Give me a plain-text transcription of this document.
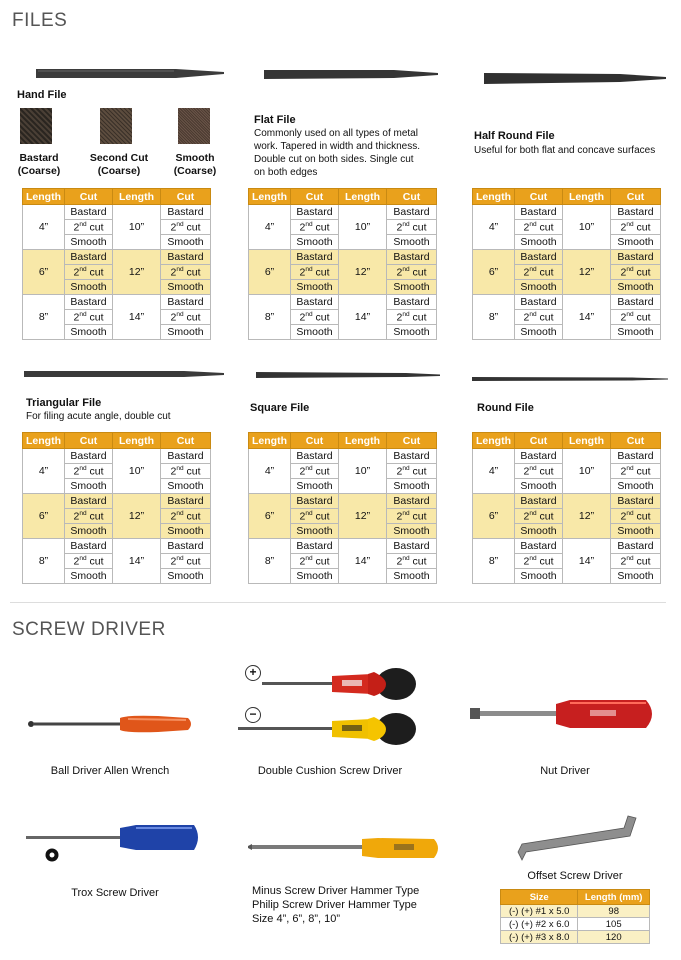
FILES
Hand File
Bastard
(Coarse)
Second Cut
(Coarse)
Smooth
(Coarse)
Flat File
Commonly used on all types of metal
work. Tapered in width and thickness.
Double cut on both sides. Single cut
on both edges
Half Round File
Useful for both flat and concave surfaces
Triangular File
For filing acute angle, double cut
Square File	Round File
SCREW DRIVER
Ball Driver Allen Wrench
+
−
Double Cushion Screw Driver	Nut Driver
Trox Screw Driver	Minus Screw Driver Hammer Type
Philip Screw Driver Hammer Type
Size 4”, 6”, 8”, 10”
Offset Screw Driver
Size	Length (mm)
(-) (+) #1 x 5.0	98
(-) (+) #2 x 6.0	105
(-) (+) #3 x 8.0	120
Length	Cut	Length	Cut
4”	Bastard	10”	Bastard
	2nd cut		2nd cut
	Smooth		Smooth
6”	Bastard	12”	Bastard
	2nd cut		2nd cut
	Smooth		Smooth
8”	Bastard	14”	Bastard
	2nd cut		2nd cut
	Smooth		Smooth
Length	Cut	Length	Cut
4”	Bastard	10”	Bastard
	2nd cut		2nd cut
	Smooth		Smooth
6”	Bastard	12”	Bastard
	2nd cut		2nd cut
	Smooth		Smooth
8”	Bastard	14”	Bastard
	2nd cut		2nd cut
	Smooth		Smooth
Length	Cut	Length	Cut
4”	Bastard	10”	Bastard
	2nd cut		2nd cut
	Smooth		Smooth
6”	Bastard	12”	Bastard
	2nd cut		2nd cut
	Smooth		Smooth
8”	Bastard	14”	Bastard
	2nd cut		2nd cut
	Smooth		Smooth
Length	Cut	Length	Cut
4”	Bastard	10”	Bastard
	2nd cut		2nd cut
	Smooth		Smooth
6”	Bastard	12”	Bastard
	2nd cut		2nd cut
	Smooth		Smooth
8”	Bastard	14”	Bastard
	2nd cut		2nd cut
	Smooth		Smooth
Length	Cut	Length	Cut
4”	Bastard	10”	Bastard
	2nd cut		2nd cut
	Smooth		Smooth
6”	Bastard	12”	Bastard
	2nd cut		2nd cut
	Smooth		Smooth
8”	Bastard	14”	Bastard
	2nd cut		2nd cut
	Smooth		Smooth
Length	Cut	Length	Cut
4”	Bastard	10”	Bastard
	2nd cut		2nd cut
	Smooth		Smooth
6”	Bastard	12”	Bastard
	2nd cut		2nd cut
	Smooth		Smooth
8”	Bastard	14”	Bastard
	2nd cut		2nd cut
	Smooth		Smooth
